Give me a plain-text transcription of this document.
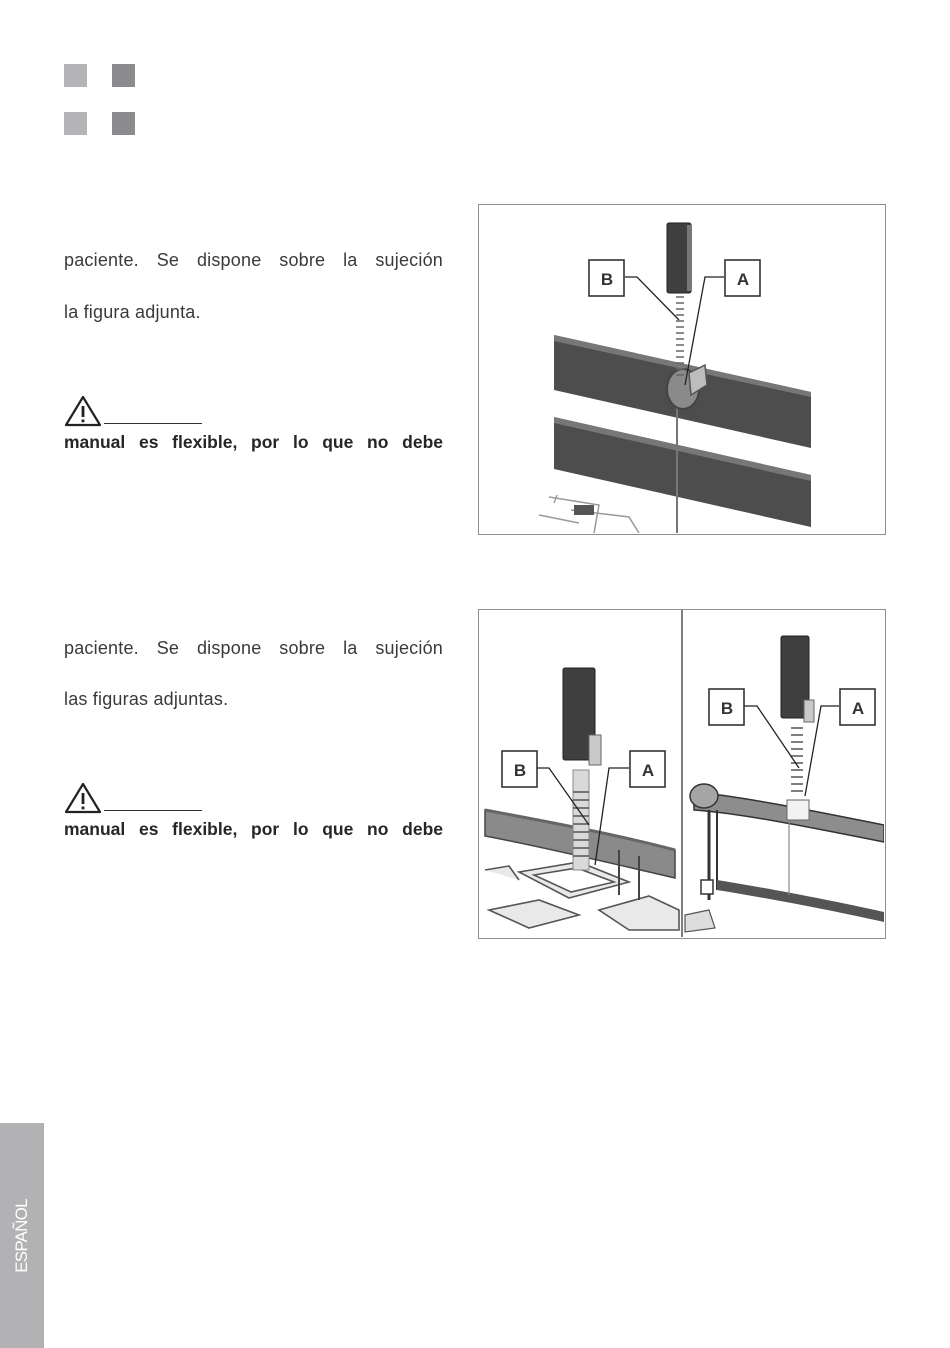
paciente. Se dispone sobre la sujeción
la figura adjunta.
manual es flexible, por lo que no debe
B	A
paciente. Se dispone sobre la sujeción
las figuras adjuntas.
manual es flexible, por lo que no debe
B	A
B	A
ESPAÑOL
